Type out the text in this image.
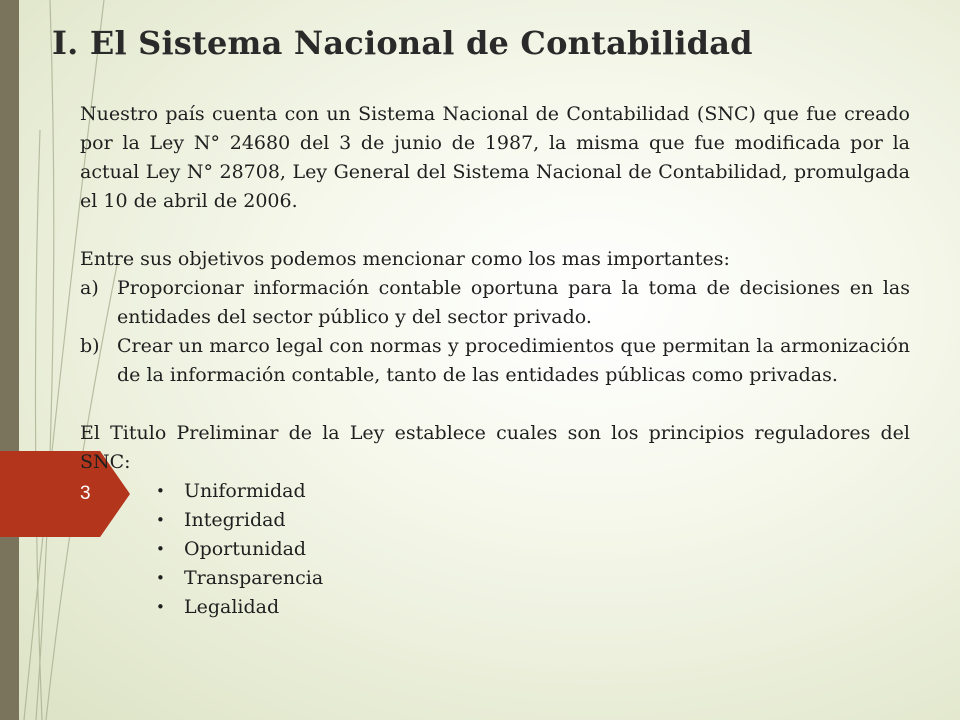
I. El Sistema Nacional de Contabilidad

Nuestro país cuenta con un Sistema Nacional de Contabilidad (SNC) que fue creado por la Ley N° 24680 del 3 de junio de 1987, la misma que fue modificada por la actual Ley N° 28708, Ley General del Sistema Nacional de Contabilidad, promulgada el 10 de abril de 2006.

Entre sus objetivos podemos mencionar como los mas importantes:

a) Proporcionar información contable oportuna para la toma de decisiones en las entidades del sector público y del sector privado.
b) Crear un marco legal con normas y procedimientos que permitan la armonización de la información contable, tanto de las entidades públicas como privadas.

El Titulo Preliminar de la Ley establece cuales son los principios reguladores del SNC:

• Uniformidad
• Integridad
• Oportunidad
• Transparencia
• Legalidad
3
